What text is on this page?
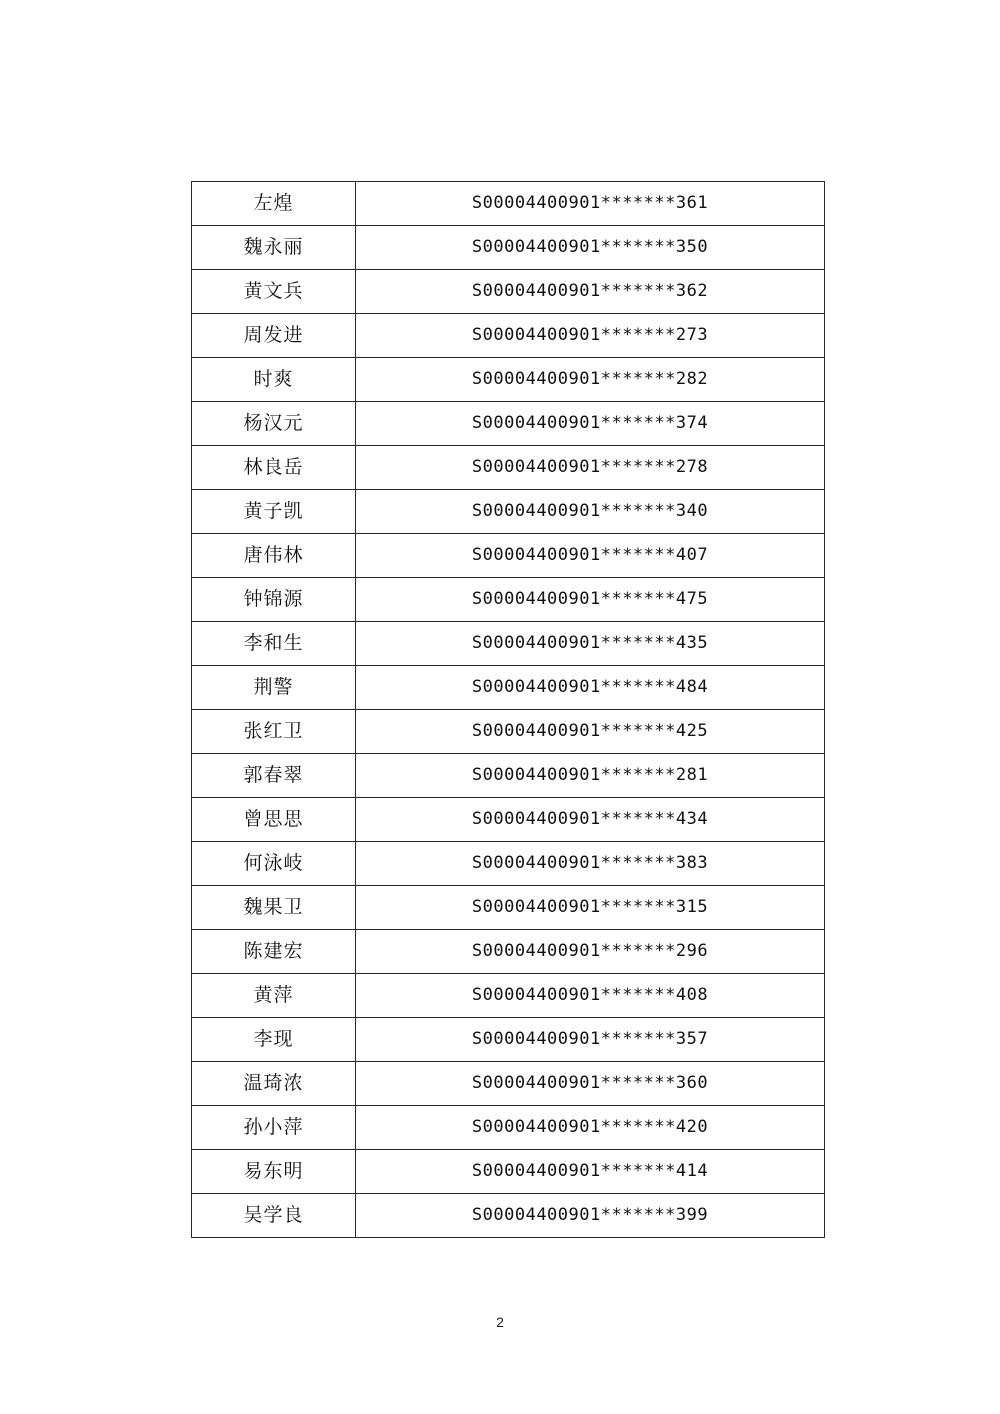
左煌	S00004400901*******361
魏永丽	S00004400901*******350
黄文兵	S00004400901*******362
周发进	S00004400901*******273
时爽	S00004400901*******282
杨汉元	S00004400901*******374
林良岳	S00004400901*******278
黄子凯	S00004400901*******340
唐伟林	S00004400901*******407
钟锦源	S00004400901*******475
李和生	S00004400901*******435
荆警	S00004400901*******484
张红卫	S00004400901*******425
郭春翠	S00004400901*******281
曾思思	S00004400901*******434
何泳岐	S00004400901*******383
魏果卫	S00004400901*******315
陈建宏	S00004400901*******296
黄萍	S00004400901*******408
李现	S00004400901*******357
温琦浓	S00004400901*******360
孙小萍	S00004400901*******420
易东明	S00004400901*******414
吴学良	S00004400901*******399
2
